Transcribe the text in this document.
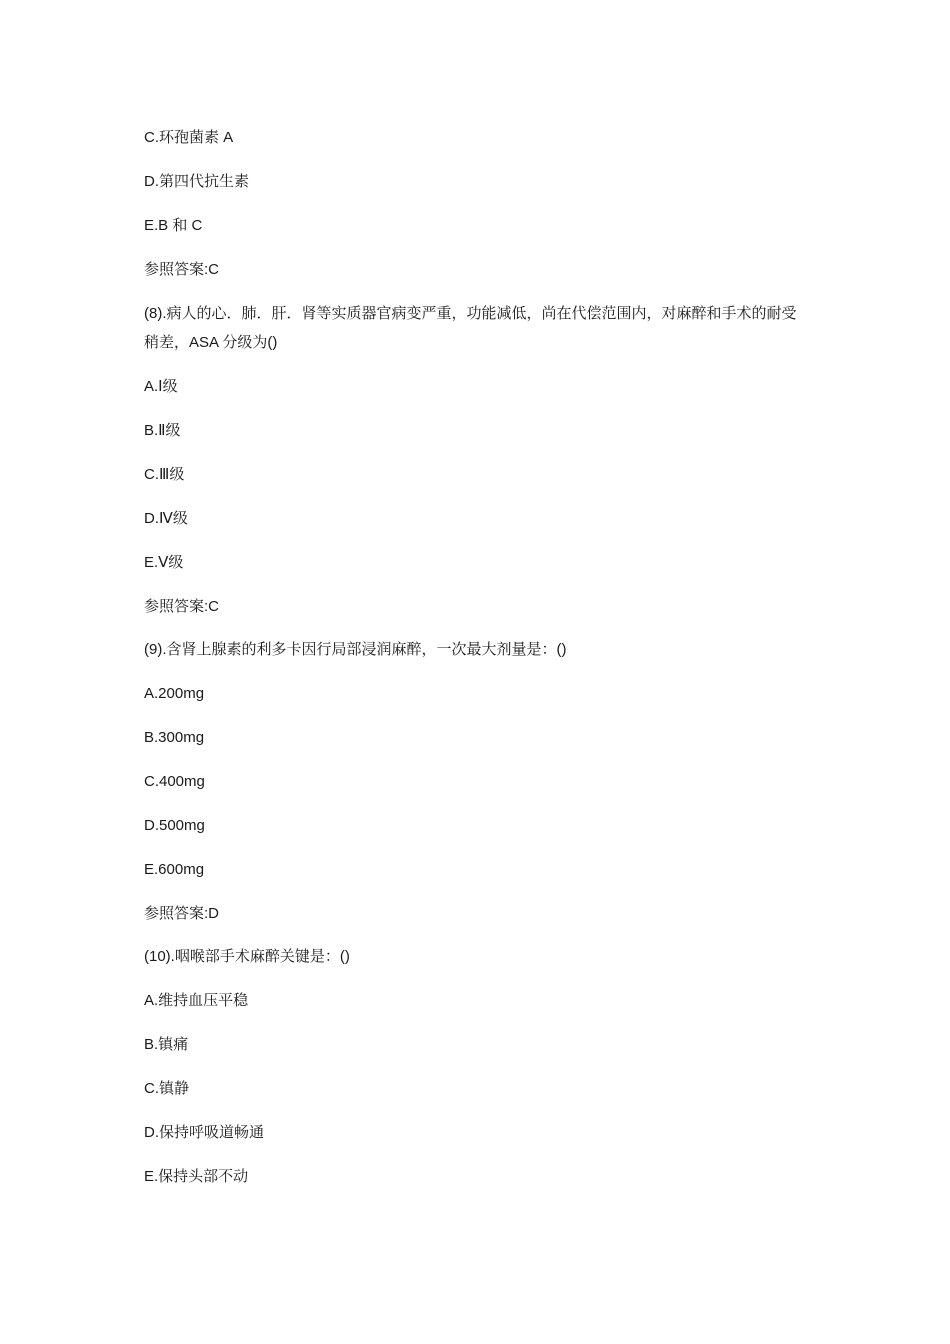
C.环孢菌素 A
D.第四代抗生素
E.B 和 C
参照答案:C
(8).病人的心．肺．肝．肾等实质器官病变严重，功能减低，尚在代偿范围内，对麻醉和手术的耐受稍差，ASA 分级为()
A.Ⅰ级
B.Ⅱ级
C.Ⅲ级
D.Ⅳ级
E.Ⅴ级
参照答案:C
(9).含肾上腺素的利多卡因行局部浸润麻醉，一次最大剂量是：()
A.200mg
B.300mg
C.400mg
D.500mg
E.600mg
参照答案:D
(10).咽喉部手术麻醉关键是：()
A.维持血压平稳
B.镇痛
C.镇静
D.保持呼吸道畅通
E.保持头部不动
